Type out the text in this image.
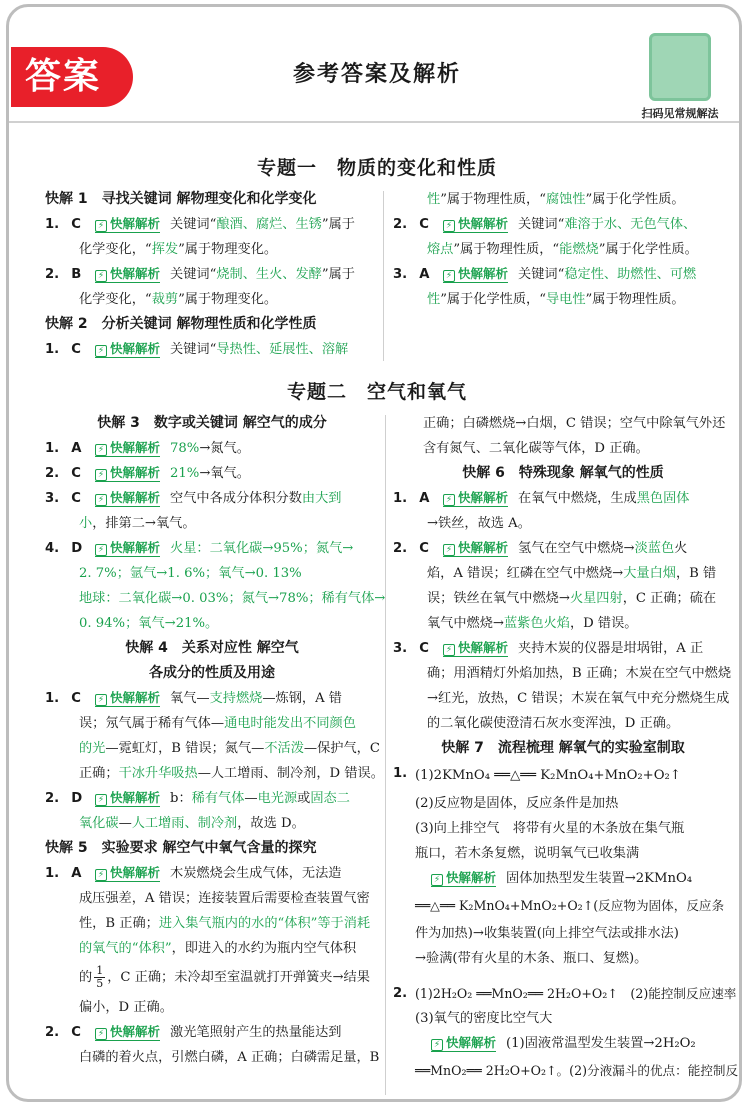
答案	参考答案及解析
扫码见常规解法
专题一　物质的变化和性质
快解 1　寻找关键词 解物理变化和化学变化
1. C	⚡ 快解解析 关键词“酿酒、腐烂、生锈”属于
化学变化，“挥发”属于物理变化。
2. B	⚡ 快解解析 关键词“烧制、生火、发酵”属于
化学变化，“裁剪”属于物理变化。
快解 2　分析关键词 解物理性质和化学性质
1. C	⚡ 快解解析 关键词“导热性、延展性、溶解
性”属于物理性质，“腐蚀性”属于化学性质。
2. C	⚡ 快解解析 关键词“难溶于水、无色气体、
熔点”属于物理性质，“能燃烧”属于化学性质。
3. A	⚡ 快解解析 关键词“稳定性、助燃性、可燃
性”属于化学性质，“导电性”属于物理性质。
专题二　空气和氧气
快解 3　数字或关键词 解空气的成分
1. A	⚡ 快解解析 78%→氮气。
2. C	⚡ 快解解析 21%→氧气。
3. C	⚡ 快解解析 空气中各成分体积分数由大到
小，排第二→氧气。
4. D	⚡ 快解解析 火星：二氧化碳→95%；氮气→
2. 7%；氩气→1. 6%；氧气→0. 13%
地球：二氧化碳→0. 03%；氮气→78%；稀有气体→
0. 94%；氧气→21%。
快解 4　关系对应性 解空气
各成分的性质及用途
1. C	⚡ 快解解析 氧气—支持燃烧—炼钢，A 错
误；氖气属于稀有气体—通电时能发出不同颜色
的光—霓虹灯，B 错误；氮气—不活泼—保护气，C
正确；干冰升华吸热—人工增雨、制冷剂，D 错误。
2. D	⚡ 快解解析 b：稀有气体—电光源或固态二
氧化碳—人工增雨、制冷剂，故选 D。
快解 5　实验要求 解空气中氧气含量的探究
1. A	⚡ 快解解析 木炭燃烧会生成气体，无法造
成压强差，A 错误；连接装置后需要检查装置气密
性，B 正确；进入集气瓶内的水的“体积”等于消耗
的氧气的“体积”，即进入的水约为瓶内空气体积
的 $\frac{1}{5}$ ，C 正确；未冷却至室温就打开弹簧夹→结果
偏小，D 正确。
2. C	⚡ 快解解析 激光笔照射产生的热量能达到
白磷的着火点，引燃白磷，A 正确；白磷需足量，B
正确；白磷燃烧→白烟，C 错误；空气中除氧气外还
含有氮气、二氧化碳等气体，D 正确。
快解 6　特殊现象 解氧气的性质
1. A	⚡ 快解解析 在氧气中燃烧，生成黑色固体
→铁丝，故选 A。
2. C	⚡ 快解解析 氢气在空气中燃烧→淡蓝色火
焰，A 错误；红磷在空气中燃烧→大量白烟，B 错
误；铁丝在氧气中燃烧→火星四射，C 正确；硫在
氧气中燃烧→蓝紫色火焰，D 错误。
3. C	⚡ 快解解析 夹持木炭的仪器是坩埚钳，A 正
确；用酒精灯外焰加热，B 正确；木炭在空气中燃烧
→红光，放热，C 错误；木炭在氧气中充分燃烧生成
的二氧化碳使澄清石灰水变浑浊，D 正确。
快解 7　流程梳理 解氧气的实验室制取
1. (1)2KMnO₄ ══△══ K₂MnO₄+MnO₂+O₂↑
(2)反应物是固体，反应条件是加热
(3)向上排空气　将带有火星的木条放在集气瓶
瓶口，若木条复燃，说明氧气已收集满
⚡ 快解解析 固体加热型发生装置→2KMnO₄
══△══ K₂MnO₄+MnO₂+O₂↑(反应物为固体，反应条
件为加热)→收集装置(向上排空气法或排水法)
→验满(带有火星的木条、瓶口、复燃)。
2. (1)2H₂O₂ ══MnO₂══ 2H₂O+O₂↑　(2)能控制反应速率
(3)氧气的密度比空气大
⚡ 快解解析 (1)固液常温型发生装置→2H₂O₂
══MnO₂══ 2H₂O+O₂↑。(2)分液漏斗的优点：能控制反
